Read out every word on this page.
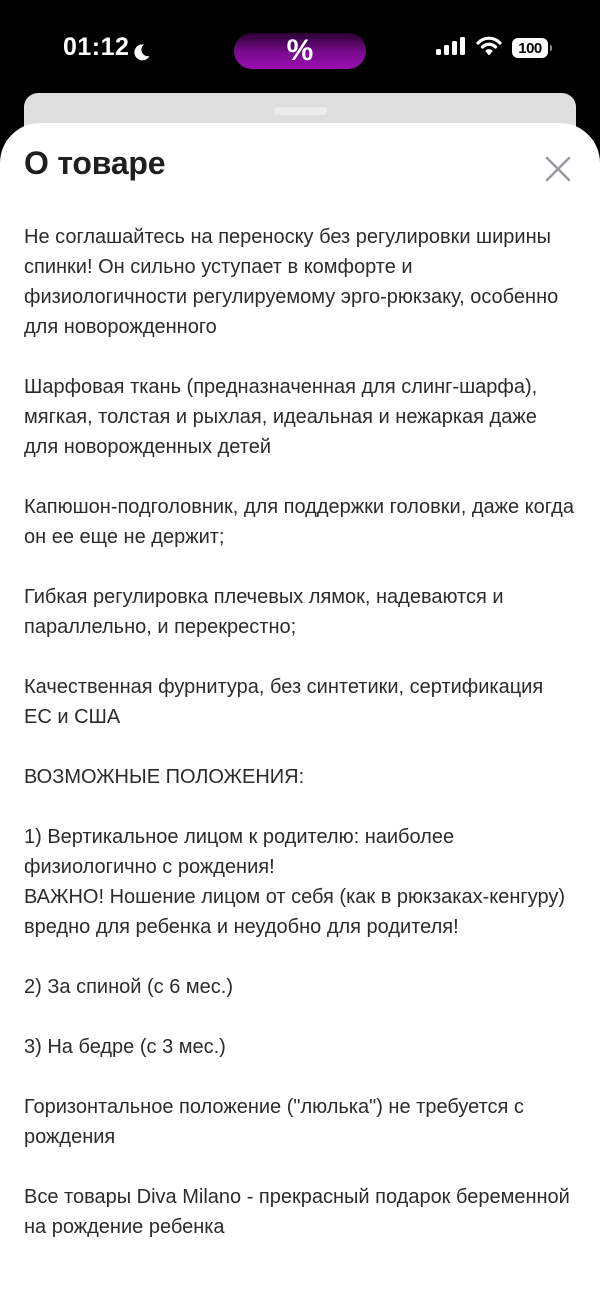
01:12	%	100
О товаре

Не соглашайтесь на переноску без регулировки ширины спинки! Он сильно уступает в комфорте и физиологичности регулируемому эрго-рюкзаку, особенно для новорожденного

Шарфовая ткань (предназначенная для слинг-шарфа), мягкая, толстая и рыхлая, идеальная и нежаркая даже для новорожденных детей

Капюшон-подголовник, для поддержки головки, даже когда он ее еще не держит;

Гибкая регулировка плечевых лямок, надеваются и параллельно, и перекрестно;

Качественная фурнитура, без синтетики, сертификация ЕС и США

ВОЗМОЖНЫЕ ПОЛОЖЕНИЯ:

1) Вертикальное лицом к родителю: наиболее физиологично с рождения!

ВАЖНО! Ношение лицом от себя (как в рюкзаках-кенгуру) вредно для ребенка и неудобно для родителя!

2) За спиной (с 6 мес.)

3) На бедре (с 3 мес.)

Горизонтальное положение ("люлька") не требуется с рождения

Все товары Diva Milano - прекрасный подарок беременной на рождение ребенка
